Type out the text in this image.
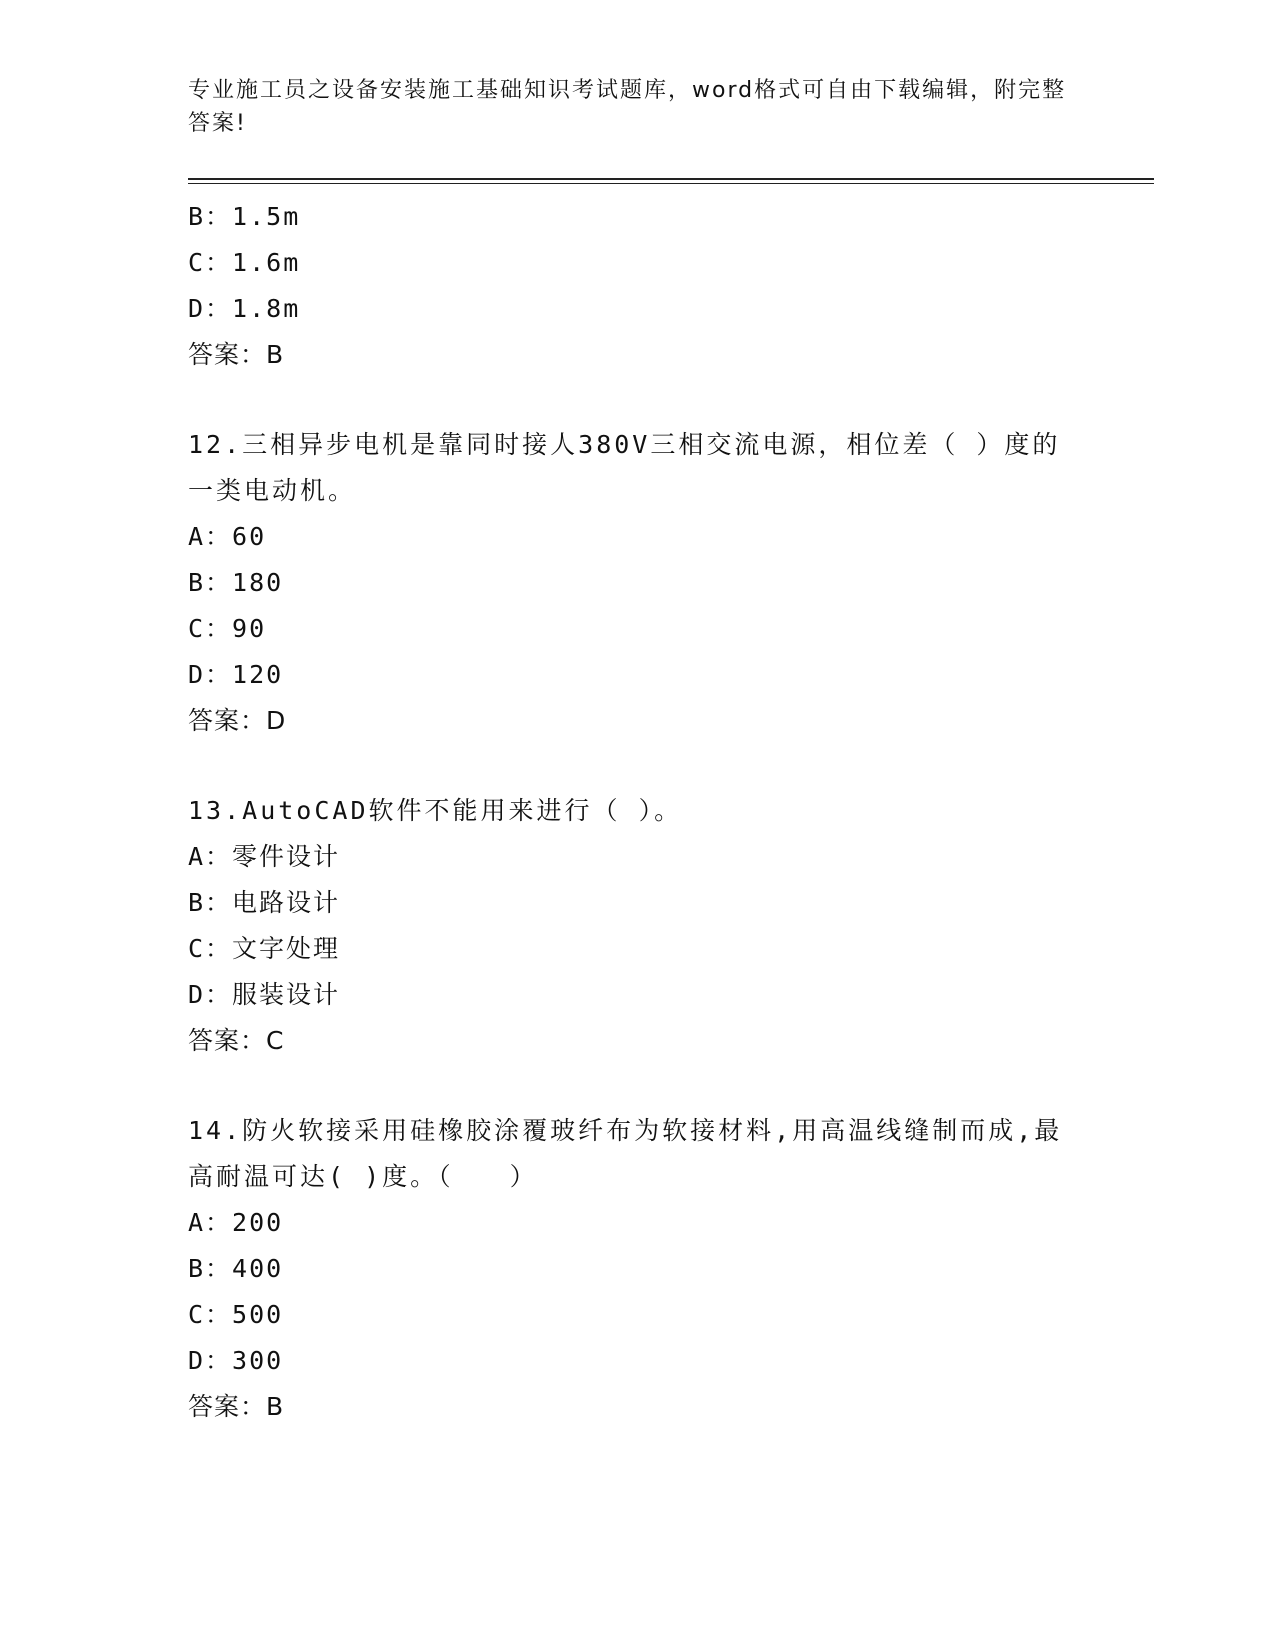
专业施工员之设备安装施工基础知识考试题库，word格式可自由下载编辑，附完整答案!
B：1.5m
C：1.6m
D：1.8m
答案：B
12.三相异步电机是靠同时接人380V三相交流电源，相位差（ ）度的一类电动机。
A：60
B：180
C：90
D：120
答案：D
13.AutoCAD软件不能用来进行（ ）。
A：零件设计
B：电路设计
C：文字处理
D：服装设计
答案：C
14.防火软接采用硅橡胶涂覆玻纤布为软接材料,用高温线缝制而成,最高耐温可达( )度。（　　）
A：200
B：400
C：500
D：300
答案：B
